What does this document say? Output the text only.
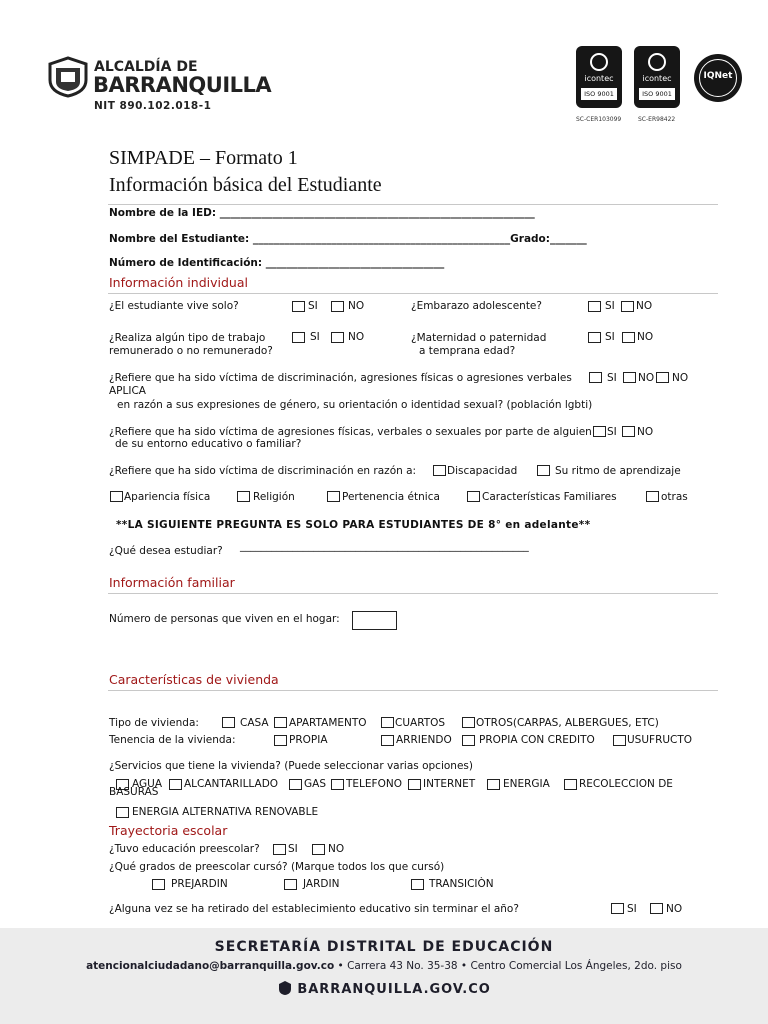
ALCALDÍA DE
BARRANQUILLA
NIT 890.102.018-1
icontec
ISO 9001
SC-CER103099
icontec
ISO 9001
SC-ER98422
IQNet
SIMPADE – Formato 1
Información básica del Estudiante
Nombre de la IED: ____________________________________________________________
Nombre del Estudiante: _________________________________________________Grado:_______
Número de Identificación: __________________________________
Información individual
¿El estudiante vive solo?	SI	NO	¿Embarazo adolescente?	SI NO
¿Realiza algún tipo de trabajo
remunerado o no remunerado?
SI	NO	¿Maternidad o paternidad
a temprana edad?
SI NO
¿Refiere que ha sido víctima de discriminación, agresiones físicas o agresiones verbales	SI NO NO
APLICA
en razón a sus expresiones de género, su orientación o identidad sexual? (población lgbti)
¿Refiere que ha sido víctima de agresiones físicas, verbales o sexuales por parte de alguien
de su entorno educativo o familiar?
SI NO
¿Refiere que ha sido víctima de discriminación en razón a:	Discapacidad	Su ritmo de aprendizaje
Apariencia física	Religión	Pertenencia étnica	Características Familiares	otras
**LA SIGUIENTE PREGUNTA ES SOLO PARA ESTUDIANTES DE 8° en adelante**
¿Qué desea estudiar? _______________________________________________________
Información familiar
Número de personas que viven en el hogar:
Características de vivienda
Tipo de vivienda:	CASA APARTAMENTO	CUARTOS	OTROS(CARPAS, ALBERGUES, ETC)
Tenencia de la vivienda:	PROPIA	ARRIENDO	PROPIA CON CREDITO	USUFRUCTO
¿Servicios que tiene la vivienda? (Puede seleccionar varias opciones)
AGUA ALCANTARILLADO GAS TELEFONO INTERNET	ENERGIA	RECOLECCION DE
BASURAS
ENERGIA ALTERNATIVA RENOVABLE
Trayectoria escolar
¿Tuvo educación preescolar?	SI	NO
¿Qué grados de preescolar cursó? (Marque todos los que cursó)
PREJARDIN	JARDIN	TRANSICIÒN
¿Alguna vez se ha retirado del establecimiento educativo sin terminar el año?	SI	NO
SECRETARÍA DISTRITAL DE EDUCACIÓN
atencionalciudadano@barranquilla.gov.co • Carrera 43 No. 35-38 • Centro Comercial Los Ángeles, 2do. piso
BARRANQUILLA.GOV.CO
